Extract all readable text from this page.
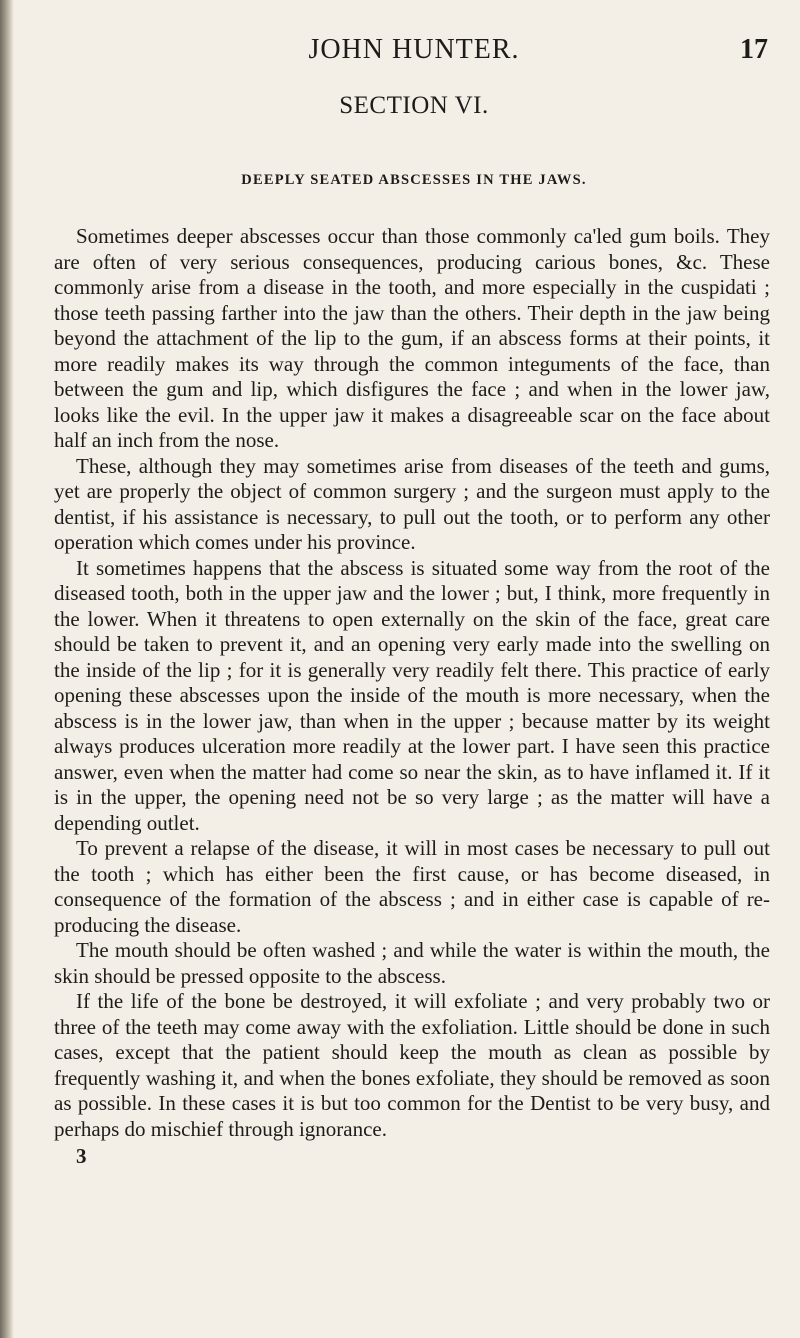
JOHN HUNTER.	17
SECTION VI.
DEEPLY SEATED ABSCESSES IN THE JAWS.

Sometimes deeper abscesses occur than those commonly ca'led gum boils. They are often of very serious consequences, producing carious bones, &c. These commonly arise from a disease in the tooth, and more especially in the cuspidati ; those teeth passing farther into the jaw than the others. Their depth in the jaw being beyond the attachment of the lip to the gum, if an abscess forms at their points, it more readily makes its way through the common integuments of the face, than between the gum and lip, which disfigures the face ; and when in the lower jaw, looks like the evil. In the upper jaw it makes a disagreeable scar on the face about half an inch from the nose.

These, although they may sometimes arise from diseases of the teeth and gums, yet are properly the object of common surgery ; and the surgeon must apply to the dentist, if his assistance is necessary, to pull out the tooth, or to perform any other operation which comes under his province.

It sometimes happens that the abscess is situated some way from the root of the diseased tooth, both in the upper jaw and the lower ; but, I think, more frequently in the lower. When it threatens to open externally on the skin of the face, great care should be taken to prevent it, and an opening very early made into the swelling on the inside of the lip ; for it is generally very readily felt there. This practice of early opening these abscesses upon the inside of the mouth is more necessary, when the abscess is in the lower jaw, than when in the upper ; because matter by its weight always produces ulceration more readily at the lower part. I have seen this practice answer, even when the matter had come so near the skin, as to have inflamed it. If it is in the upper, the opening need not be so very large ; as the matter will have a depending outlet.

To prevent a relapse of the disease, it will in most cases be necessary to pull out the tooth ; which has either been the first cause, or has become diseased, in consequence of the formation of the abscess ; and in either case is capable of re-producing the disease.

The mouth should be often washed ; and while the water is within the mouth, the skin should be pressed opposite to the abscess.

If the life of the bone be destroyed, it will exfoliate ; and very probably two or three of the teeth may come away with the exfoliation. Little should be done in such cases, except that the patient should keep the mouth as clean as possible by frequently washing it, and when the bones exfoliate, they should be removed as soon as possible. In these cases it is but too common for the Dentist to be very busy, and perhaps do mischief through ignorance.

3
